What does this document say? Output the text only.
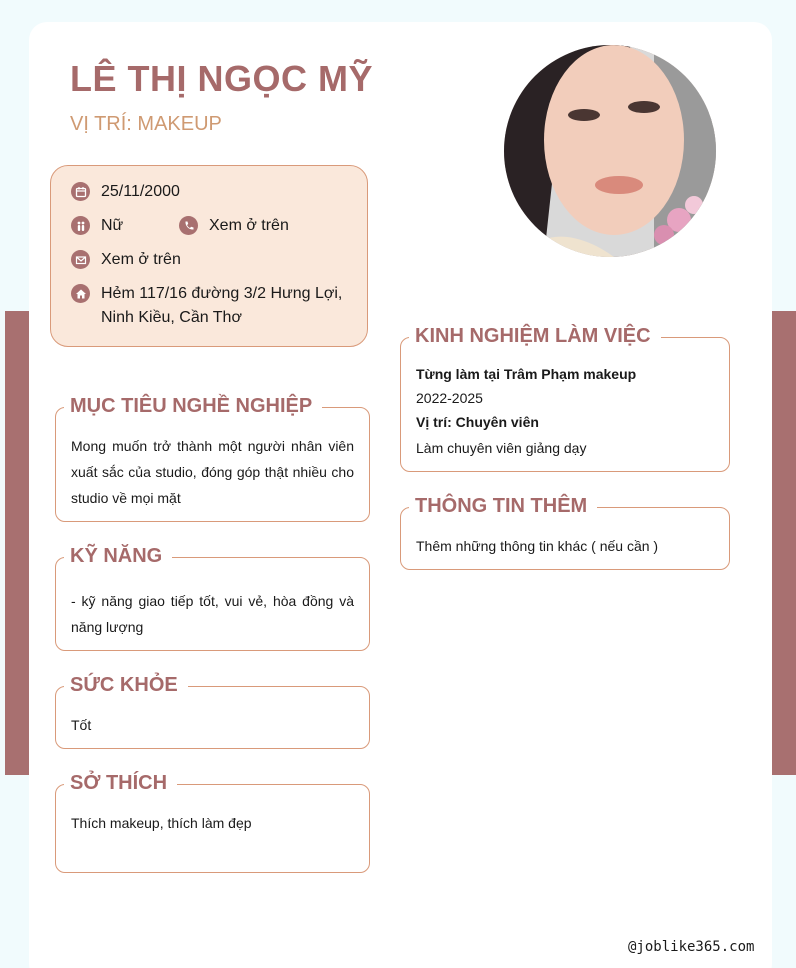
LÊ THỊ NGỌC MỸ
VỊ TRÍ: MAKEUP
25/11/2000
Nữ	Xem ở trên
Xem ở trên
Hẻm 117/16 đường 3/2 Hưng Lợi, Ninh Kiều, Cần Thơ
MỤC TIÊU NGHỀ NGHIỆP
Mong muốn trở thành một người nhân viên xuất sắc của studio, đóng góp thật nhiều cho studio về mọi mặt
KỸ NĂNG
- kỹ năng giao tiếp tốt, vui vẻ, hòa đồng và năng lượng
SỨC KHỎE
Tốt
SỞ THÍCH
Thích makeup, thích làm đẹp
KINH NGHIỆM LÀM VIỆC
Từng làm tại Trâm Phạm makeup
2022-2025
Vị trí: Chuyên viên
Làm chuyên viên giảng dạy
THÔNG TIN THÊM
Thêm những thông tin khác ( nếu cần )
@joblike365.com
